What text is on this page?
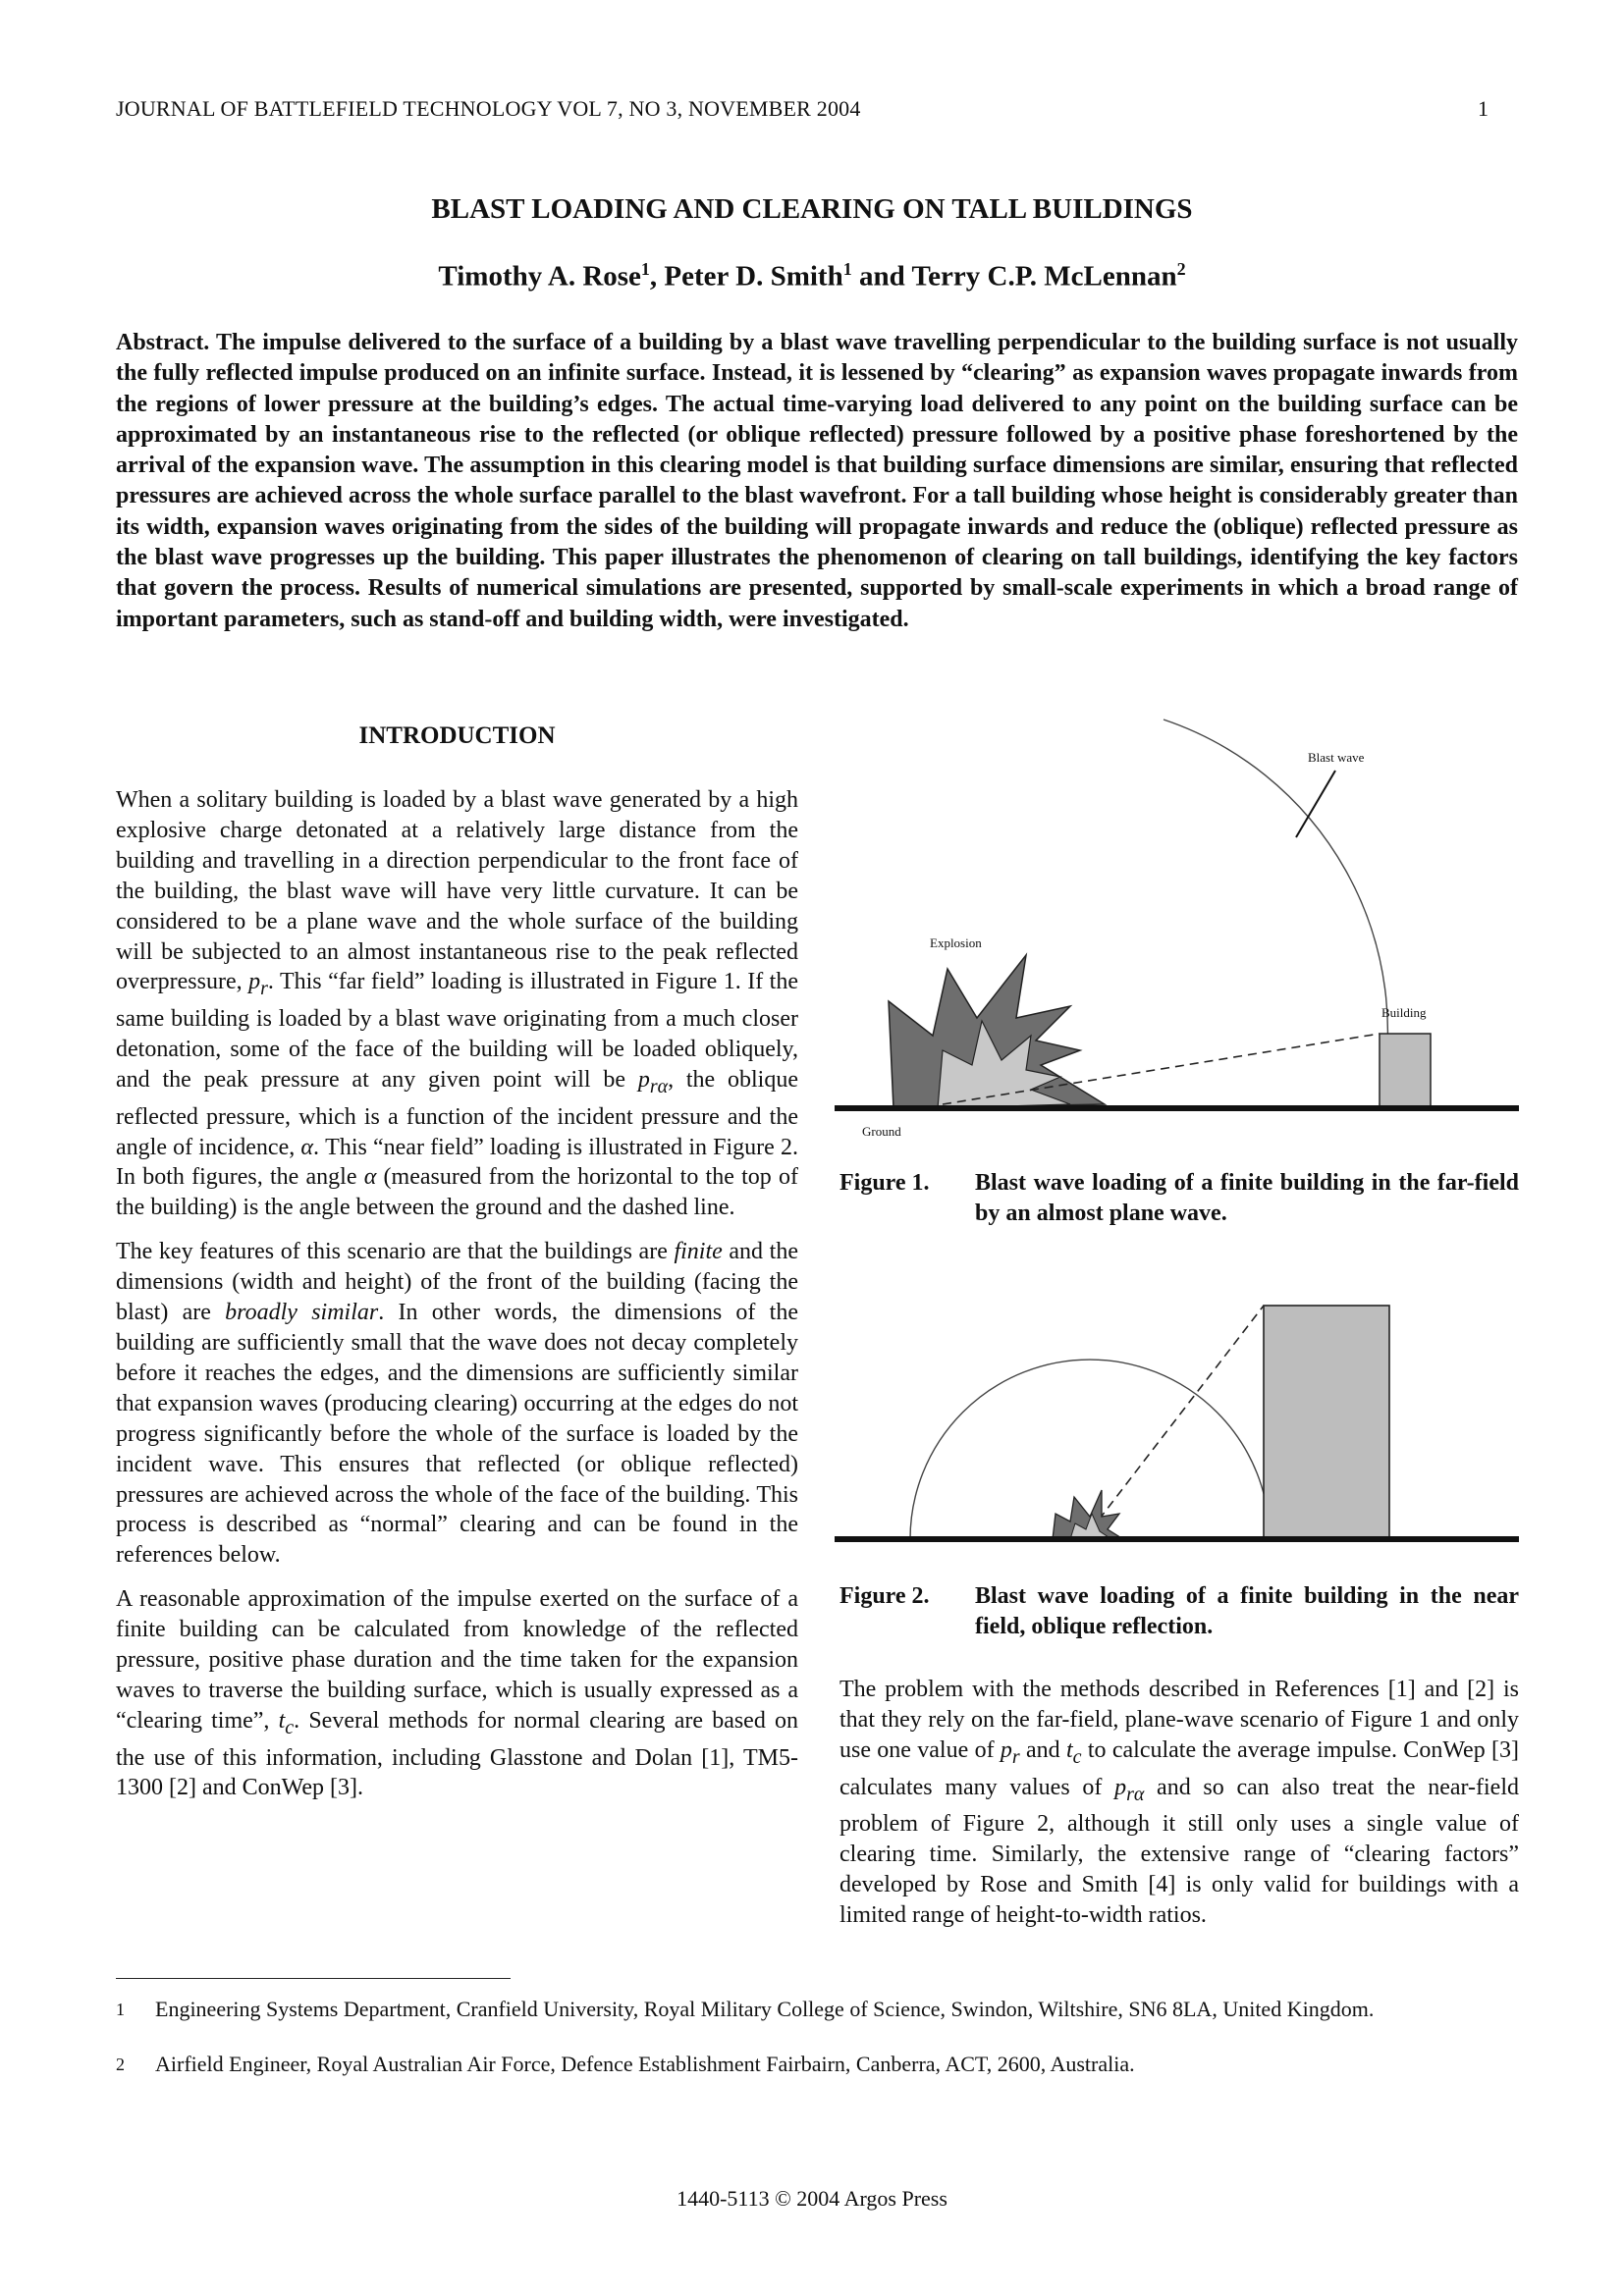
JOURNAL OF BATTLEFIELD TECHNOLOGY VOL 7, NO 3, NOVEMBER 2004	1
BLAST LOADING AND CLEARING ON TALL BUILDINGS
Timothy A. Rose$^1$, Peter D. Smith$^1$ and Terry C.P. McLennan$^2$
Abstract. The impulse delivered to the surface of a building by a blast wave travelling perpendicular to the building surface is not usually the fully reflected impulse produced on an infinite surface. Instead, it is lessened by “clearing” as expansion waves propagate inwards from the regions of lower pressure at the building’s edges. The actual time-varying load delivered to any point on the building surface can be approximated by an instantaneous rise to the reflected (or oblique reflected) pressure followed by a positive phase foreshortened by the arrival of the expansion wave. The assumption in this clearing model is that building surface dimensions are similar, ensuring that reflected pressures are achieved across the whole surface parallel to the blast wavefront. For a tall building whose height is considerably greater than its width, expansion waves originating from the sides of the building will propagate inwards and reduce the (oblique) reflected pressure as the blast wave progresses up the building. This paper illustrates the phenomenon of clearing on tall buildings, identifying the key factors that govern the process. Results of numerical simulations are presented, supported by small-scale experiments in which a broad range of important parameters, such as stand-off and building width, were investigated.
INTRODUCTION

When a solitary building is loaded by a blast wave generated by a high explosive charge detonated at a relatively large distance from the building and travelling in a direction perpendicular to the front face of the building, the blast wave will have very little curvature. It can be considered to be a plane wave and the whole surface of the building will be subjected to an almost instantaneous rise to the peak reflected overpressure, $p_r$. This “far field” loading is illustrated in Figure 1. If the same building is loaded by a blast wave originating from a much closer detonation, some of the face of the building will be loaded obliquely, and the peak pressure at any given point will be $p_{r\alpha}$, the oblique reflected pressure, which is a function of the incident pressure and the angle of incidence, α. This “near field” loading is illustrated in Figure 2. In both figures, the angle α (measured from the horizontal to the top of the building) is the angle between the ground and the dashed line.

The key features of this scenario are that the buildings are finite and the dimensions (width and height) of the front of the building (facing the blast) are broadly similar. In other words, the dimensions of the building are sufficiently small that the wave does not decay completely before it reaches the edges, and the dimensions are sufficiently similar that expansion waves (producing clearing) occurring at the edges do not progress significantly before the whole of the surface is loaded by the incident wave. This ensures that reflected (or oblique reflected) pressures are achieved across the whole of the face of the building. This process is described as “normal” clearing and can be found in the references below.

A reasonable approximation of the impulse exerted on the surface of a finite building can be calculated from knowledge of the reflected pressure, positive phase duration and the time taken for the expansion waves to traverse the building surface, which is usually expressed as a “clearing time”, $t_c$. Several methods for normal clearing are based on the use of this information, including Glasstone and Dolan [1], TM5-1300 [2] and ConWep [3].

Blast wave
Explosion
Building
Ground
Figure 1. Blast wave loading of a finite building in the far-field by an almost plane wave.
Figure 2. Blast wave loading of a finite building in the near field, oblique reflection.

The problem with the methods described in References [1] and [2] is that they rely on the far-field, plane-wave scenario of Figure 1 and only use one value of $p_r$ and $t_c$ to calculate the average impulse. ConWep [3] calculates many values of $p_{r\alpha}$ and so can also treat the near-field problem of Figure 2, although it still only uses a single value of clearing time. Similarly, the extensive range of “clearing factors” developed by Rose and Smith [4] is only valid for buildings with a limited range of height-to-width ratios.

1 Engineering Systems Department, Cranfield University, Royal Military College of Science, Swindon, Wiltshire, SN6 8LA, United Kingdom.
2 Airfield Engineer, Royal Australian Air Force, Defence Establishment Fairbairn, Canberra, ACT, 2600, Australia.
1440-5113 © 2004 Argos Press
